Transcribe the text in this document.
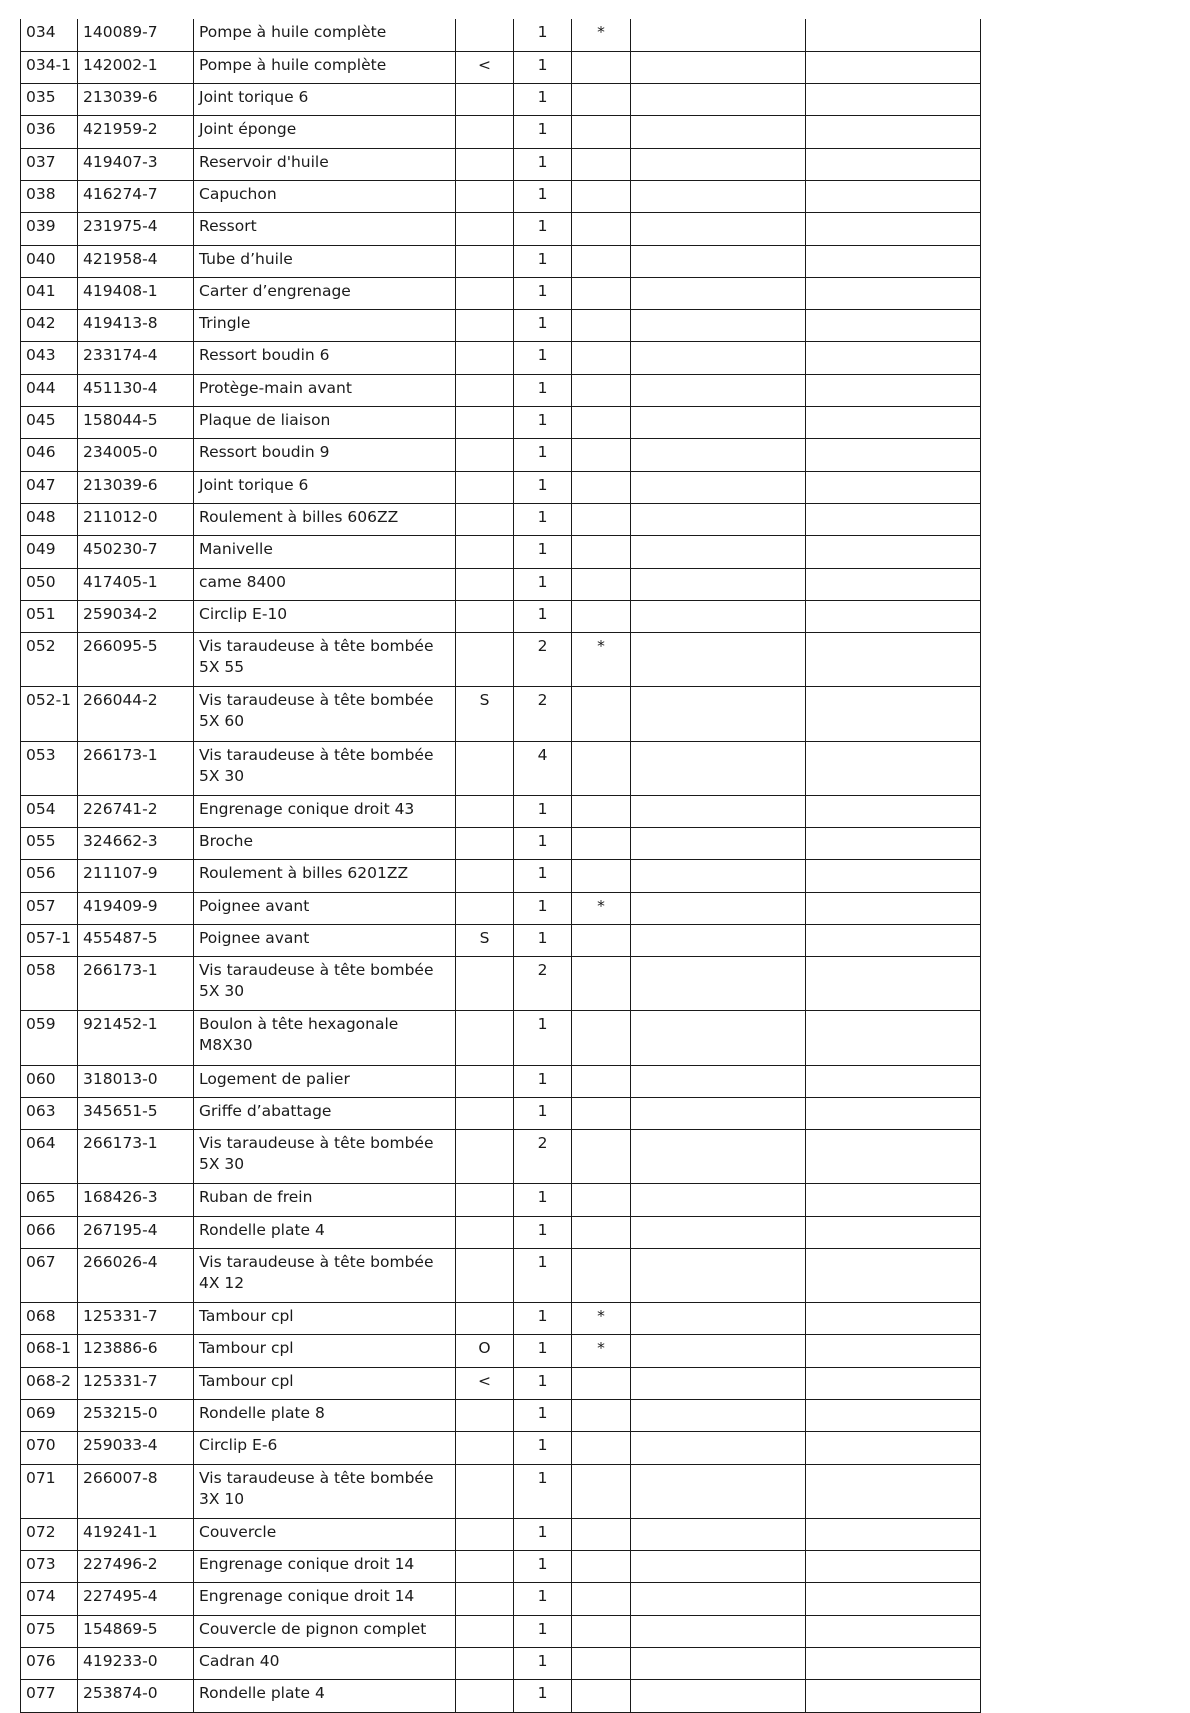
034	140089-7	Pompe à huile complète		1	*		
034-1	142002-1	Pompe à huile complète	<	1			
035	213039-6	Joint torique 6		1			
036	421959-2	Joint éponge		1			
037	419407-3	Reservoir d'huile		1			
038	416274-7	Capuchon		1			
039	231975-4	Ressort		1			
040	421958-4	Tube d’huile		1			
041	419408-1	Carter d’engrenage		1			
042	419413-8	Tringle		1			
043	233174-4	Ressort boudin 6		1			
044	451130-4	Protège-main avant		1			
045	158044-5	Plaque de liaison		1			
046	234005-0	Ressort boudin 9		1			
047	213039-6	Joint torique 6		1			
048	211012-0	Roulement à billes 606ZZ		1			
049	450230-7	Manivelle		1			
050	417405-1	came 8400		1			
051	259034-2	Circlip E-10		1			
052	266095-5	Vis taraudeuse à tête bombée 5X 55		2	*		
052-1	266044-2	Vis taraudeuse à tête bombée 5X 60	S	2			
053	266173-1	Vis taraudeuse à tête bombée 5X 30		4			
054	226741-2	Engrenage conique droit 43		1			
055	324662-3	Broche		1			
056	211107-9	Roulement à billes 6201ZZ		1			
057	419409-9	Poignee avant		1	*		
057-1	455487-5	Poignee avant	S	1			
058	266173-1	Vis taraudeuse à tête bombée 5X 30		2			
059	921452-1	Boulon à tête hexagonale M8X30		1			
060	318013-0	Logement de palier		1			
063	345651-5	Griffe d’abattage		1			
064	266173-1	Vis taraudeuse à tête bombée 5X 30		2			
065	168426-3	Ruban de frein		1			
066	267195-4	Rondelle plate 4		1			
067	266026-4	Vis taraudeuse à tête bombée 4X 12		1			
068	125331-7	Tambour cpl		1	*		
068-1	123886-6	Tambour cpl	O	1	*		
068-2	125331-7	Tambour cpl	<	1			
069	253215-0	Rondelle plate 8		1			
070	259033-4	Circlip E-6		1			
071	266007-8	Vis taraudeuse à tête bombée 3X 10		1			
072	419241-1	Couvercle		1			
073	227496-2	Engrenage conique droit 14		1			
074	227495-4	Engrenage conique droit 14		1			
075	154869-5	Couvercle de pignon complet		1			
076	419233-0	Cadran 40		1			
077	253874-0	Rondelle plate 4		1			
